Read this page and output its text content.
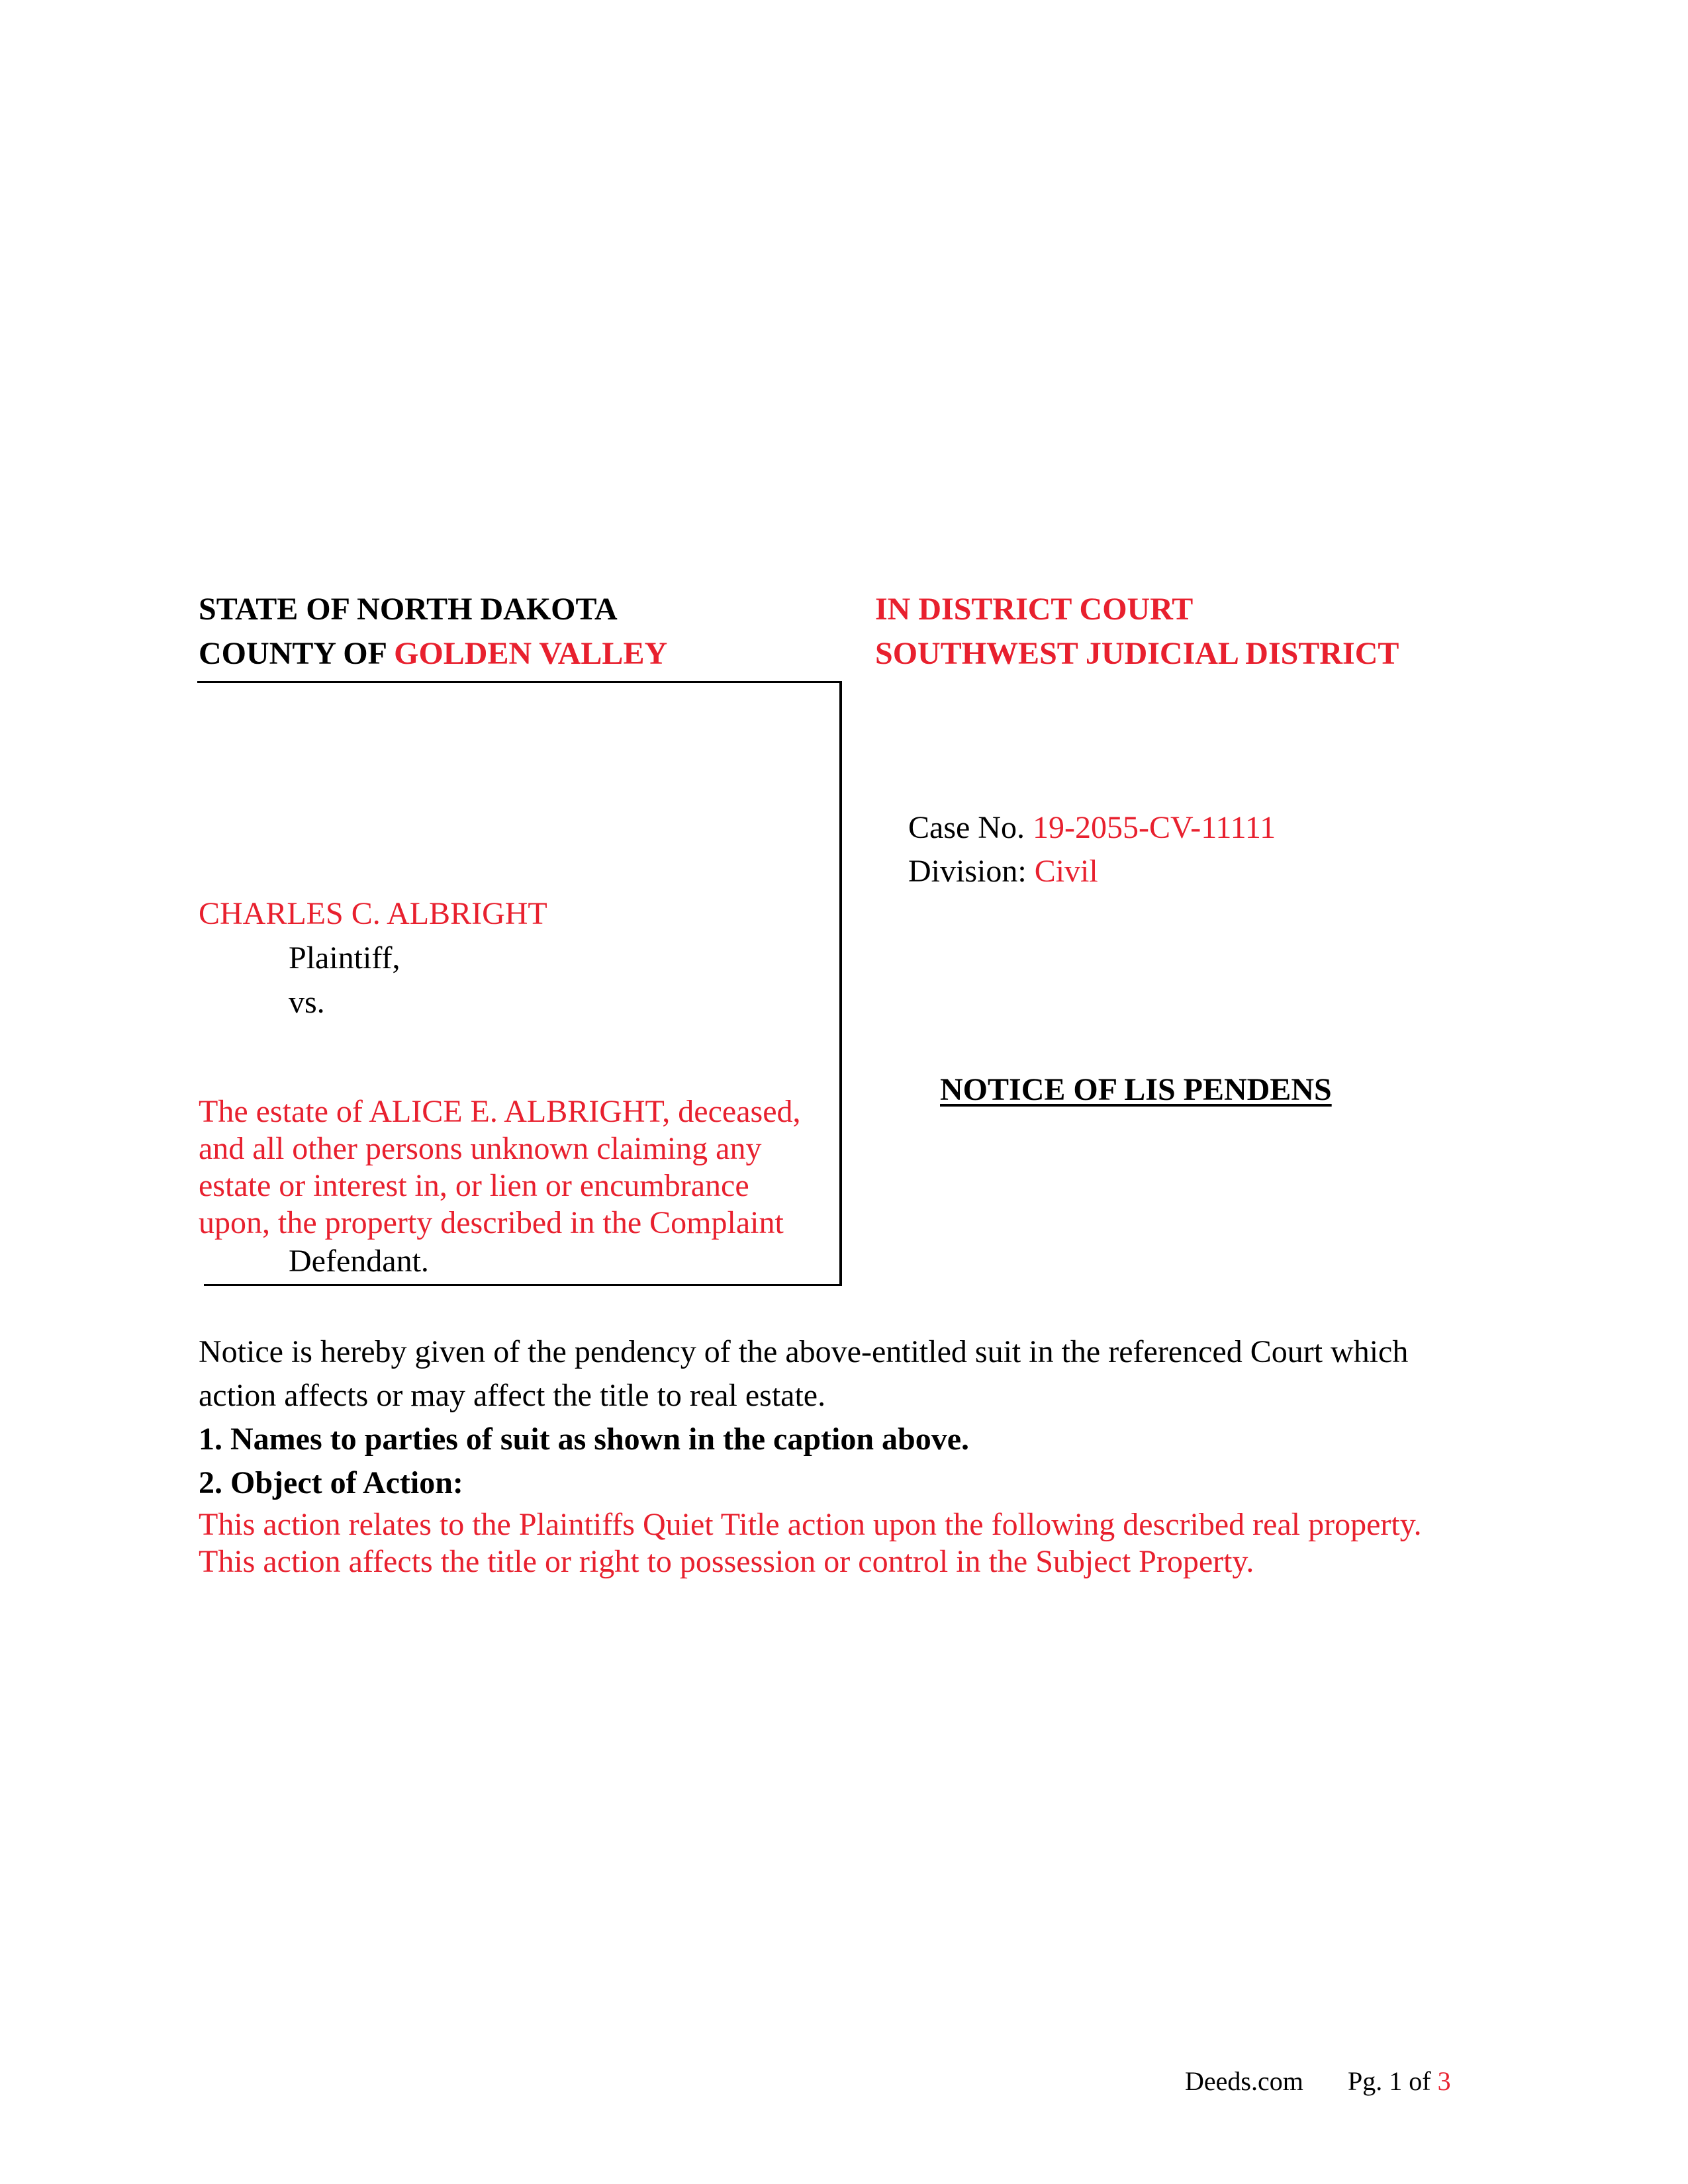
STATE OF NORTH DAKOTA
COUNTY OF GOLDEN VALLEY
IN DISTRICT COURT
SOUTHWEST JUDICIAL DISTRICT
Case No. 19-2055-CV-11111
Division: Civil
CHARLES C. ALBRIGHT
Plaintiff,
vs.
The estate of ALICE E. ALBRIGHT, deceased,
and all other persons unknown claiming any
estate or interest in, or lien or encumbrance
upon, the property described in the Complaint
Defendant.
NOTICE OF LIS PENDENS
Notice is hereby given of the pendency of the above-entitled suit in the referenced Court which
action affects or may affect the title to real estate.
1. Names to parties of suit as shown in the caption above.
2. Object of Action:
This action relates to the Plaintiffs Quiet Title action upon the following described real property.
This action affects the title or right to possession or control in the Subject Property.
Deeds.com Pg. 1 of 3
